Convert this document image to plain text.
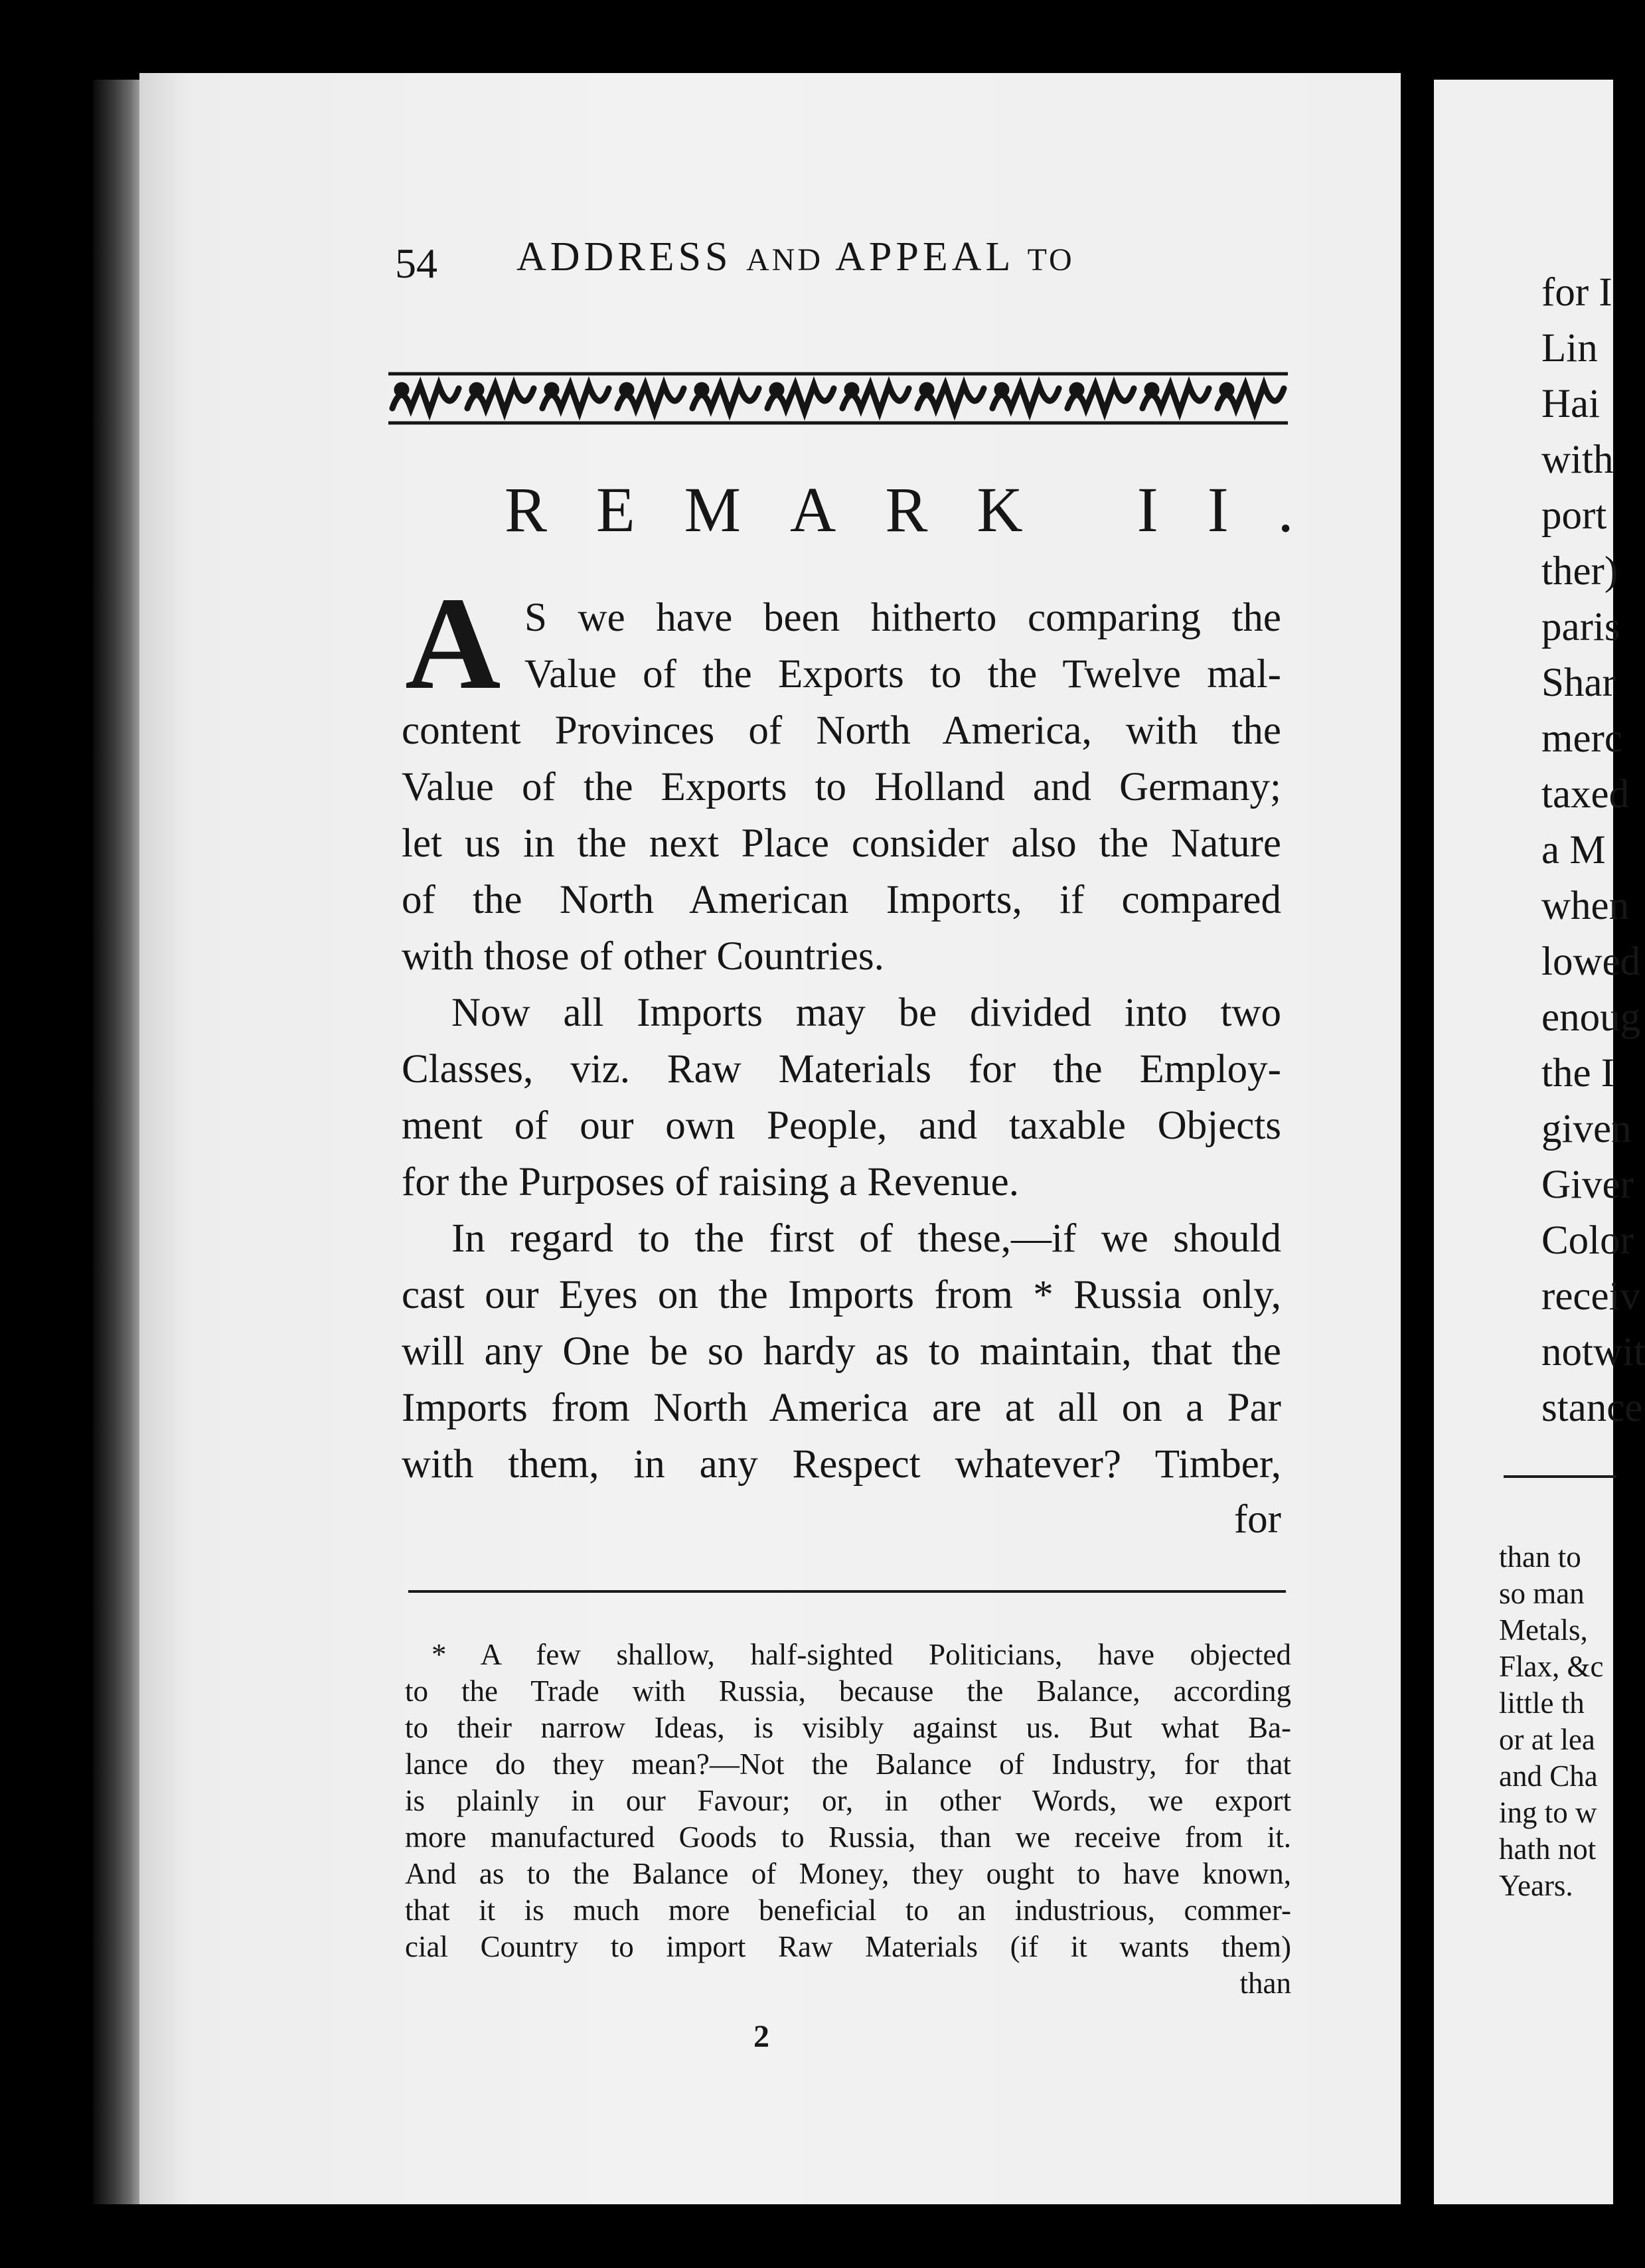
54 ADDRESS AND APPEAL TO
REMARK II.
A S we have been hitherto comparing the
Value of the Exports to the Twelve mal-
content Provinces of North America, with the
Value of the Exports to Holland and Germany;
let us in the next Place consider also the Nature
of the North American Imports, if compared
with those of other Countries.
Now all Imports may be divided into two
Classes, viz. Raw Materials for the Employ-
ment of our own People, and taxable Objects
for the Purposes of raising a Revenue.
In regard to the first of these,—if we should
cast our Eyes on the Imports from * Russia only,
will any One be so hardy as to maintain, that the
Imports from North America are at all on a Par
with them, in any Respect whatever? Timber,
for
* A few shallow, half-sighted Politicians, have objected
to the Trade with Russia, because the Balance, according
to their narrow Ideas, is visibly against us. But what Ba-
lance do they mean?—Not the Balance of Industry, for that
is plainly in our Favour; or, in other Words, we export
more manufactured Goods to Russia, than we receive from it.
And as to the Balance of Money, they ought to have known,
that it is much more beneficial to an industrious, commer-
cial Country to import Raw Materials (if it wants them)
than
2
for I
Lin
Hai
with
port
ther)
paris
Shar
merc
taxed
a M
when
lowed
enoug
the I
given
Giver
Color
receiv
notwit
stance
than to
so man
Metals,
Flax, &c
little th
or at lea
and Cha
ing to w
hath not
Years.
